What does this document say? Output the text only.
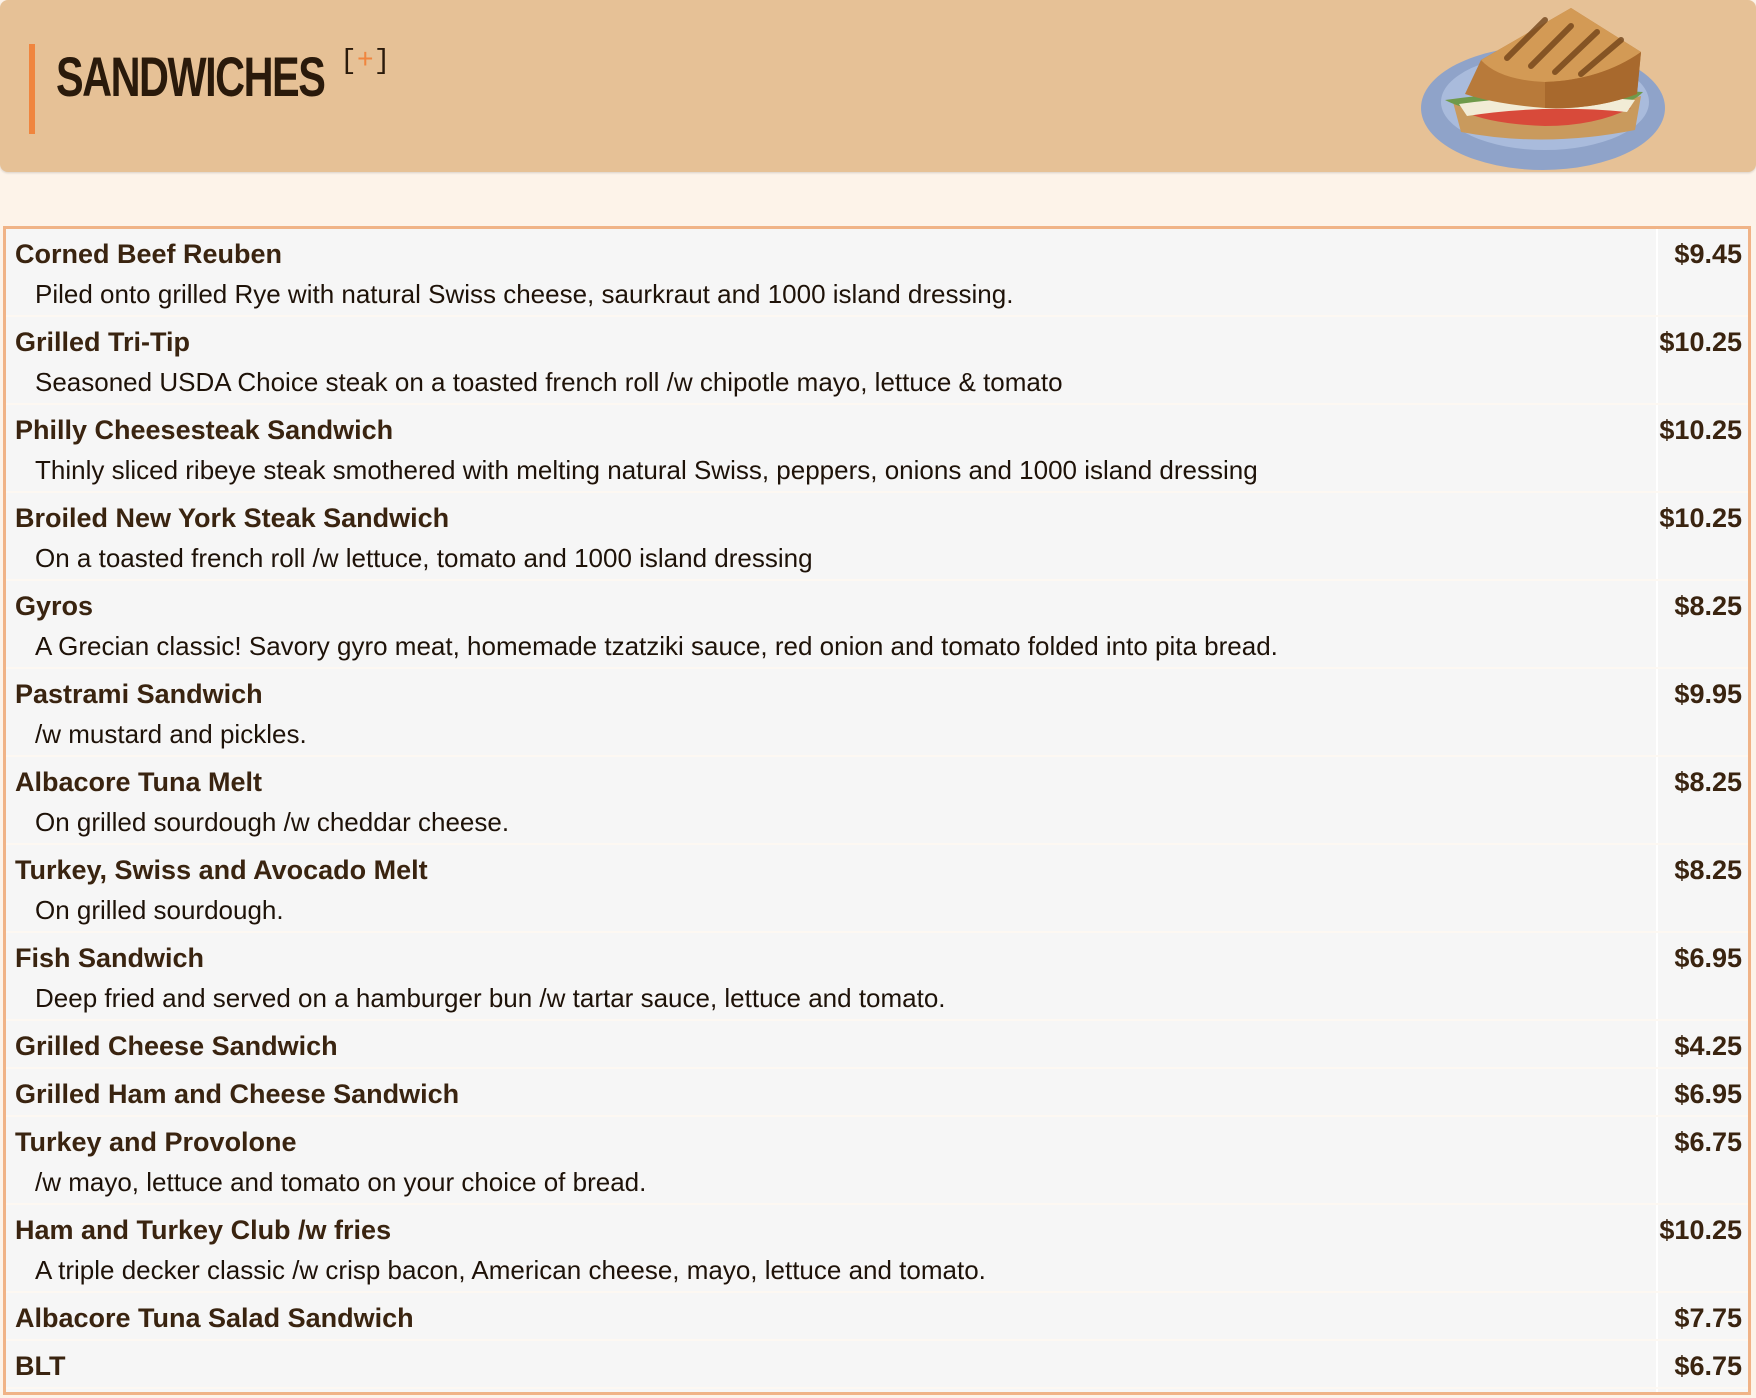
SANDWICHES [+]
Corned Beef Reuben	$9.45
Piled onto grilled Rye with natural Swiss cheese, saurkraut and 1000 island dressing.
Grilled Tri-Tip	$10.25
Seasoned USDA Choice steak on a toasted french roll /w chipotle mayo, lettuce & tomato
Philly Cheesesteak Sandwich	$10.25
Thinly sliced ribeye steak smothered with melting natural Swiss, peppers, onions and 1000 island dressing
Broiled New York Steak Sandwich	$10.25
On a toasted french roll /w lettuce, tomato and 1000 island dressing
Gyros	$8.25
A Grecian classic! Savory gyro meat, homemade tzatziki sauce, red onion and tomato folded into pita bread.
Pastrami Sandwich	$9.95
/w mustard and pickles.
Albacore Tuna Melt	$8.25
On grilled sourdough /w cheddar cheese.
Turkey, Swiss and Avocado Melt	$8.25
On grilled sourdough.
Fish Sandwich	$6.95
Deep fried and served on a hamburger bun /w tartar sauce, lettuce and tomato.
Grilled Cheese Sandwich	$4.25
Grilled Ham and Cheese Sandwich	$6.95
Turkey and Provolone	$6.75
/w mayo, lettuce and tomato on your choice of bread.
Ham and Turkey Club /w fries	$10.25
A triple decker classic /w crisp bacon, American cheese, mayo, lettuce and tomato.
Albacore Tuna Salad Sandwich	$7.75
BLT	$6.75
